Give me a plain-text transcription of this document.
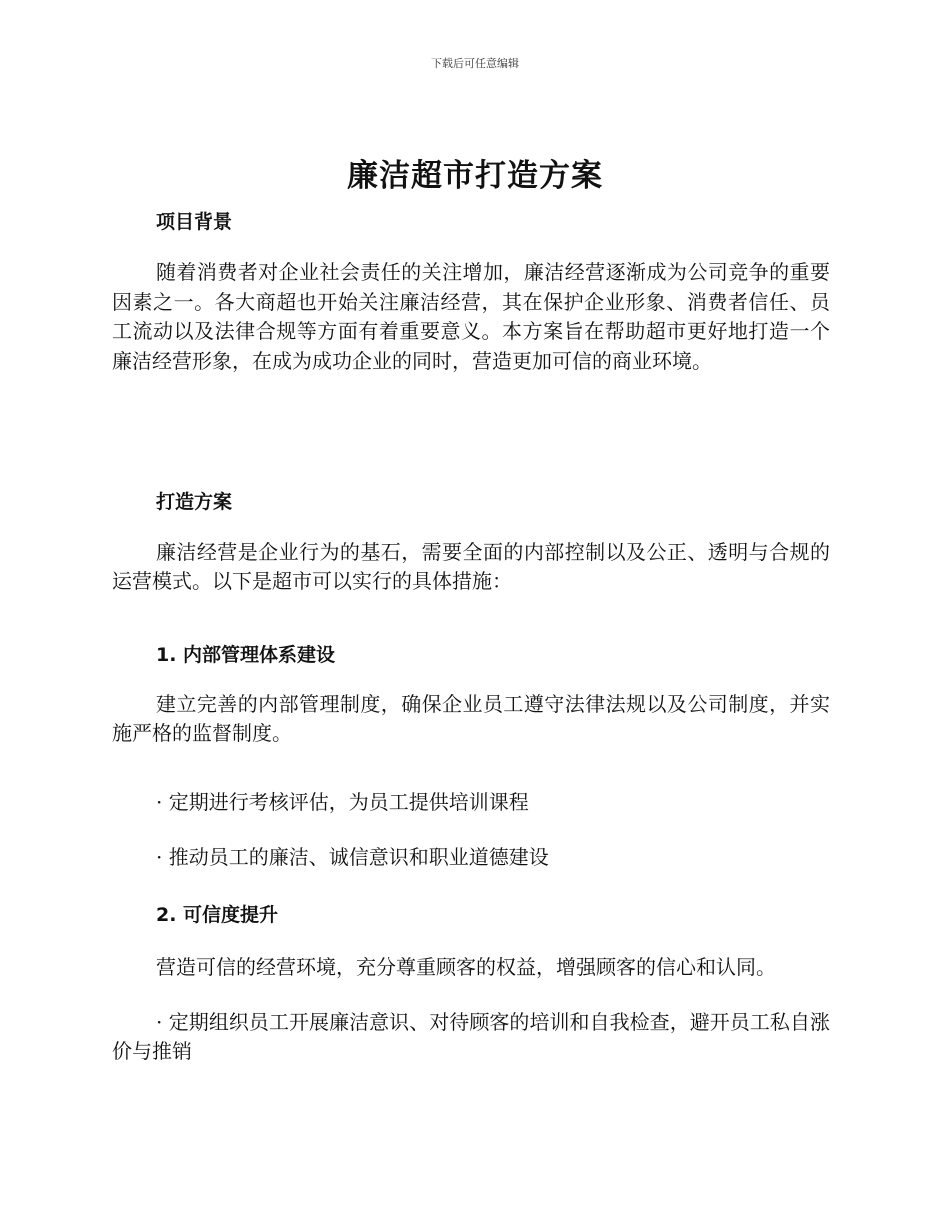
下载后可任意编辑
廉洁超市打造方案
项目背景

随着消费者对企业社会责任的关注增加，廉洁经营逐渐成为公司竞争的重要因素之一。各大商超也开始关注廉洁经营，其在保护企业形象、消费者信任、员工流动以及法律合规等方面有着重要意义。本方案旨在帮助超市更好地打造一个廉洁经营形象，在成为成功企业的同时，营造更加可信的商业环境。

打造方案

廉洁经营是企业行为的基石，需要全面的内部控制以及公正、透明与合规的运营模式。以下是超市可以实行的具体措施：

1. 内部管理体系建设

建立完善的内部管理制度，确保企业员工遵守法律法规以及公司制度，并实施严格的监督制度。

· 定期进行考核评估，为员工提供培训课程

· 推动员工的廉洁、诚信意识和职业道德建设

2. 可信度提升

营造可信的经营环境，充分尊重顾客的权益，增强顾客的信心和认同。

· 定期组织员工开展廉洁意识、对待顾客的培训和自我检查，避开员工私自涨价与推销
